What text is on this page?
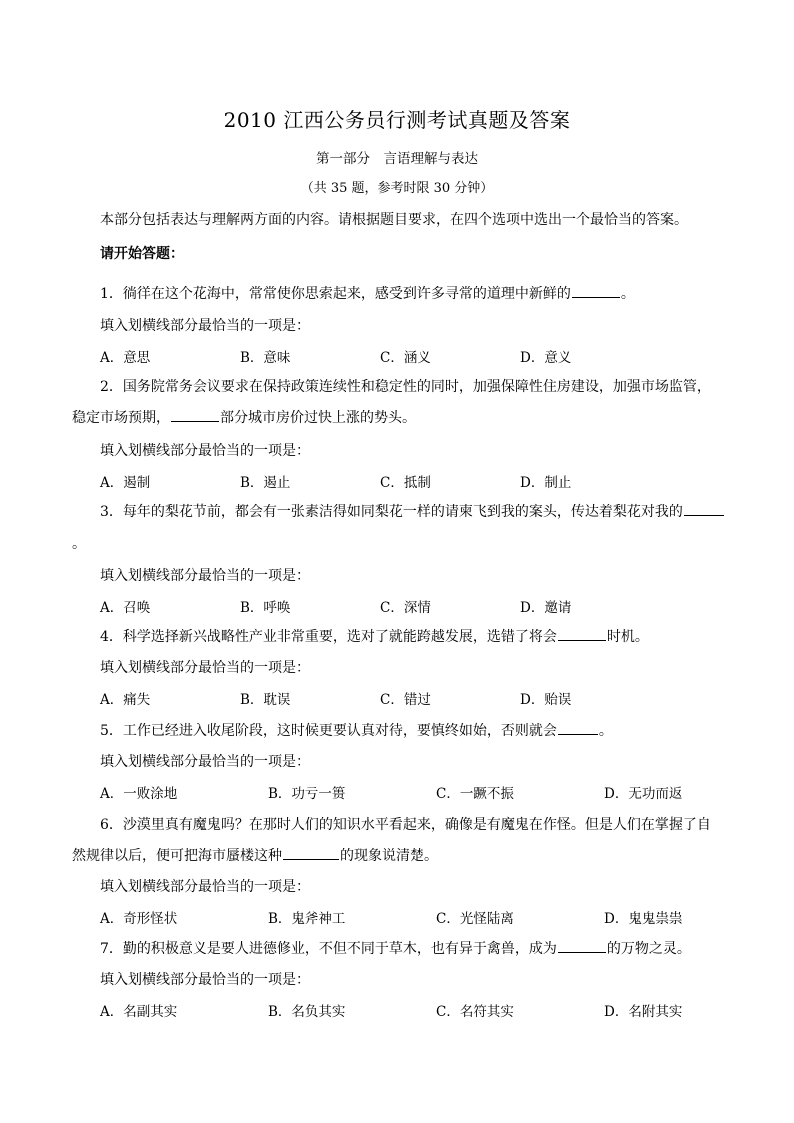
2010 江西公务员行测考试真题及答案
第一部分　言语理解与表达
（共 35 题，参考时限 30 分钟）
本部分包括表达与理解两方面的内容。请根据题目要求，在四个选项中选出一个最恰当的答案。
请开始答题：
1．徜徉在这个花海中，常常使你思索起来，感受到许多寻常的道理中新鲜的	。
填入划横线部分最恰当的一项是：
A．意思	B．意味	C．涵义	D．意义
2．国务院常务会议要求在保持政策连续性和稳定性的同时，加强保障性住房建设，加强市场监管，
稳定市场预期，	部分城市房价过快上涨的势头。
填入划横线部分最恰当的一项是：
A．遏制	B．遏止	C．抵制	D．制止
3．每年的梨花节前，都会有一张素洁得如同梨花一样的请柬飞到我的案头，传达着梨花对我的
。
填入划横线部分最恰当的一项是：
A．召唤	B．呼唤	C．深情	D．邀请
4．科学选择新兴战略性产业非常重要，选对了就能跨越发展，选错了将会	时机。
填入划横线部分最恰当的一项是：
A．痛失	B．耽误	C．错过	D．贻误
5．工作已经进入收尾阶段，这时候更要认真对待，要慎终如始，否则就会	。
填入划横线部分最恰当的一项是：
A．一败涂地	B．功亏一篑	C．一蹶不振	D．无功而返
6．沙漠里真有魔鬼吗？在那时人们的知识水平看起来，确像是有魔鬼在作怪。但是人们在掌握了自
然规律以后，便可把海市蜃楼这种	的现象说清楚。
填入划横线部分最恰当的一项是：
A．奇形怪状	B．鬼斧神工	C．光怪陆离	D．鬼鬼祟祟
7．勤的积极意义是要人进德修业，不但不同于草木，也有异于禽兽，成为	的万物之灵。
填入划横线部分最恰当的一项是：
A．名副其实	B．名负其实	C．名符其实	D．名附其实
